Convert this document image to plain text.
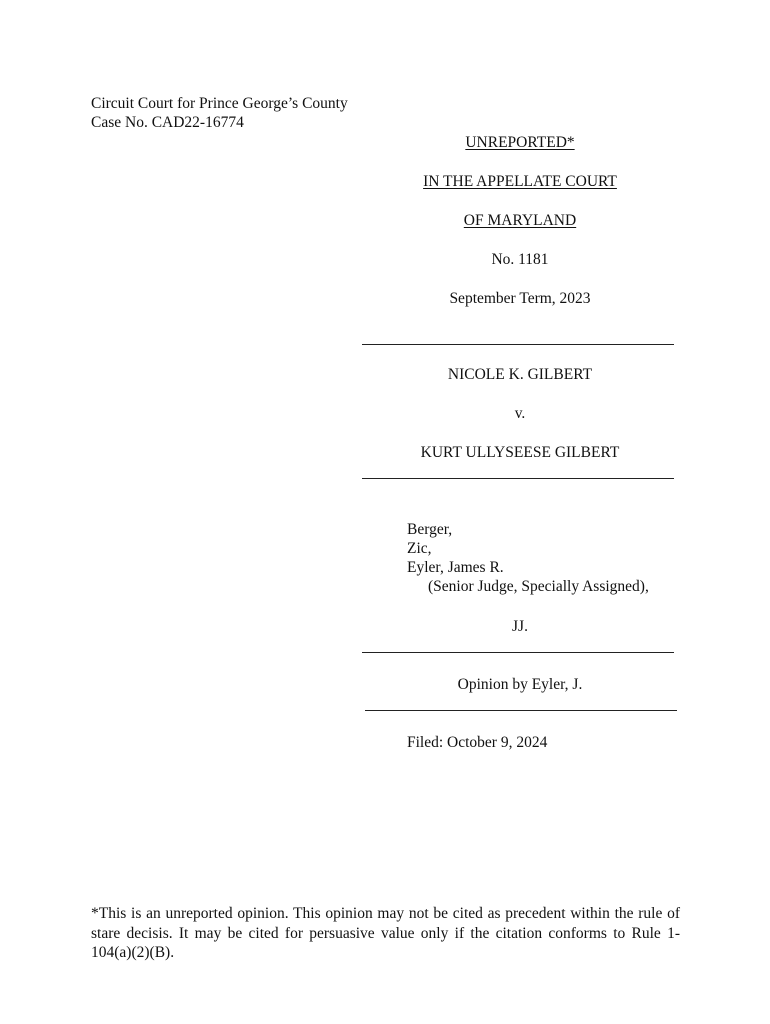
Circuit Court for Prince George’s County
Case No. CAD22-16774
UNREPORTED*
IN THE APPELLATE COURT
OF MARYLAND
No. 1181
September Term, 2023
NICOLE K. GILBERT
v.
KURT ULLYSEESE GILBERT
Berger,
Zic,
Eyler, James R.
(Senior Judge, Specially Assigned),
JJ.
Opinion by Eyler, J.
Filed: October 9, 2024
*This is an unreported opinion. This opinion may not be cited as precedent within the rule of stare decisis. It may be cited for persuasive value only if the citation conforms to Rule 1-104(a)(2)(B).
